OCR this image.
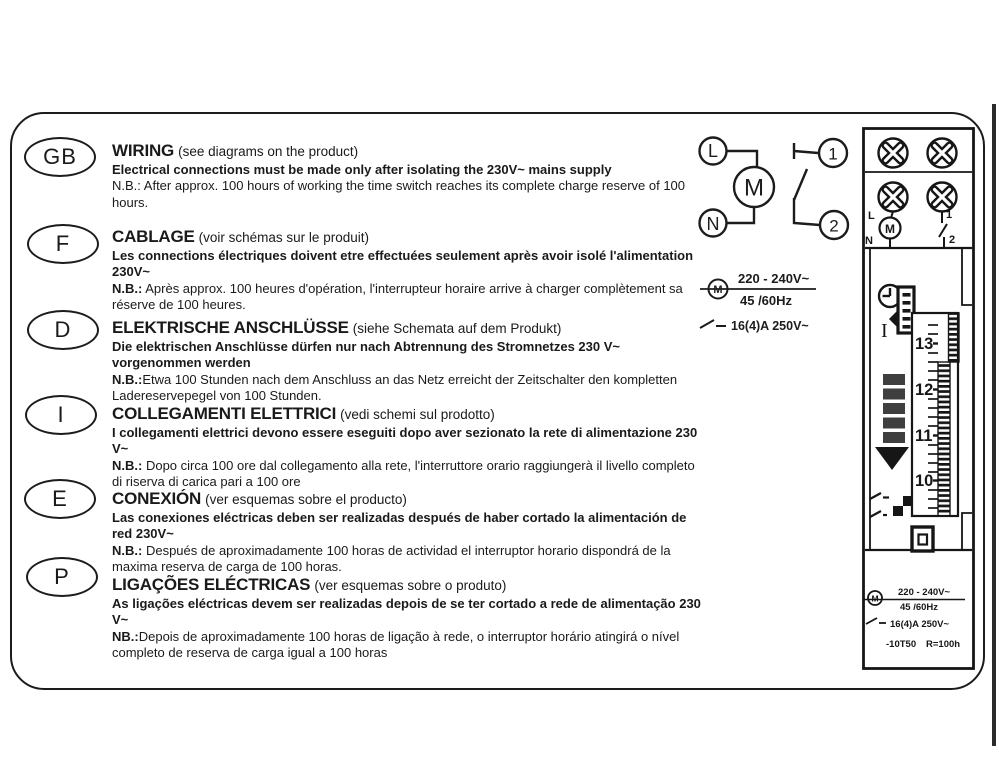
GB
F
D
I
E
P
WIRING (see diagrams on the product)
Electrical connections must be made only after isolating the 230V~ mains supply
N.B.: After approx. 100 hours of working the time switch reaches its complete charge reserve of 100 hours.
CABLAGE (voir schémas sur le produit)
Les connections électriques doivent etre effectuées seulement après avoir isolé l'alimentation 230V~
N.B.: Après approx. 100 heures d'opération, l'interrupteur horaire arrive à charger complètement sa réserve de 100 heures.
ELEKTRISCHE ANSCHLÜSSE (siehe Schemata auf dem Produkt)
Die elektrischen Anschlüsse dürfen nur nach Abtrennung des Stromnetzes 230 V~ vorgenommen werden
N.B.:Etwa 100 Stunden nach dem Anschluss an das Netz erreicht der Zeitschalter den kompletten Ladereservepegel von 100 Stunden.
COLLEGAMENTI ELETTRICI (vedi schemi sul prodotto)
I collegamenti elettrici devono essere eseguiti dopo aver sezionato la rete di alimentazione 230 V~
N.B.: Dopo circa 100 ore dal collegamento alla rete, l'interruttore orario raggiungerà il livello completo di riserva di carica pari a 100 ore
CONEXIÓN (ver esquemas sobre el producto)
Las conexiones eléctricas deben ser realizadas después de haber cortado la alimentación de red 230V~
N.B.: Después de aproximadamente 100 horas de actividad el interruptor horario dispondrá de la maxima reserva de carga de 100 horas.
LIGAÇÕES ELÉCTRICAS (ver esquemas sobre o produto)
As ligações eléctricas devem ser realizadas depois de se ter cortado a rede de alimentação 230 V~
NB.:Depois de aproximadamente 100 horas de ligação à rede, o interruptor horário atingirá o nível completo de reserva de carga igual a 100 horas
L
M
N
1
2
M
220 - 240V~
45 /60Hz
16(4)A 250V~
L	1
M
N	2
I
13
12
11
10
M
220 - 240V~
45 /60Hz
16(4)A 250V~
-10T50 R=100h
